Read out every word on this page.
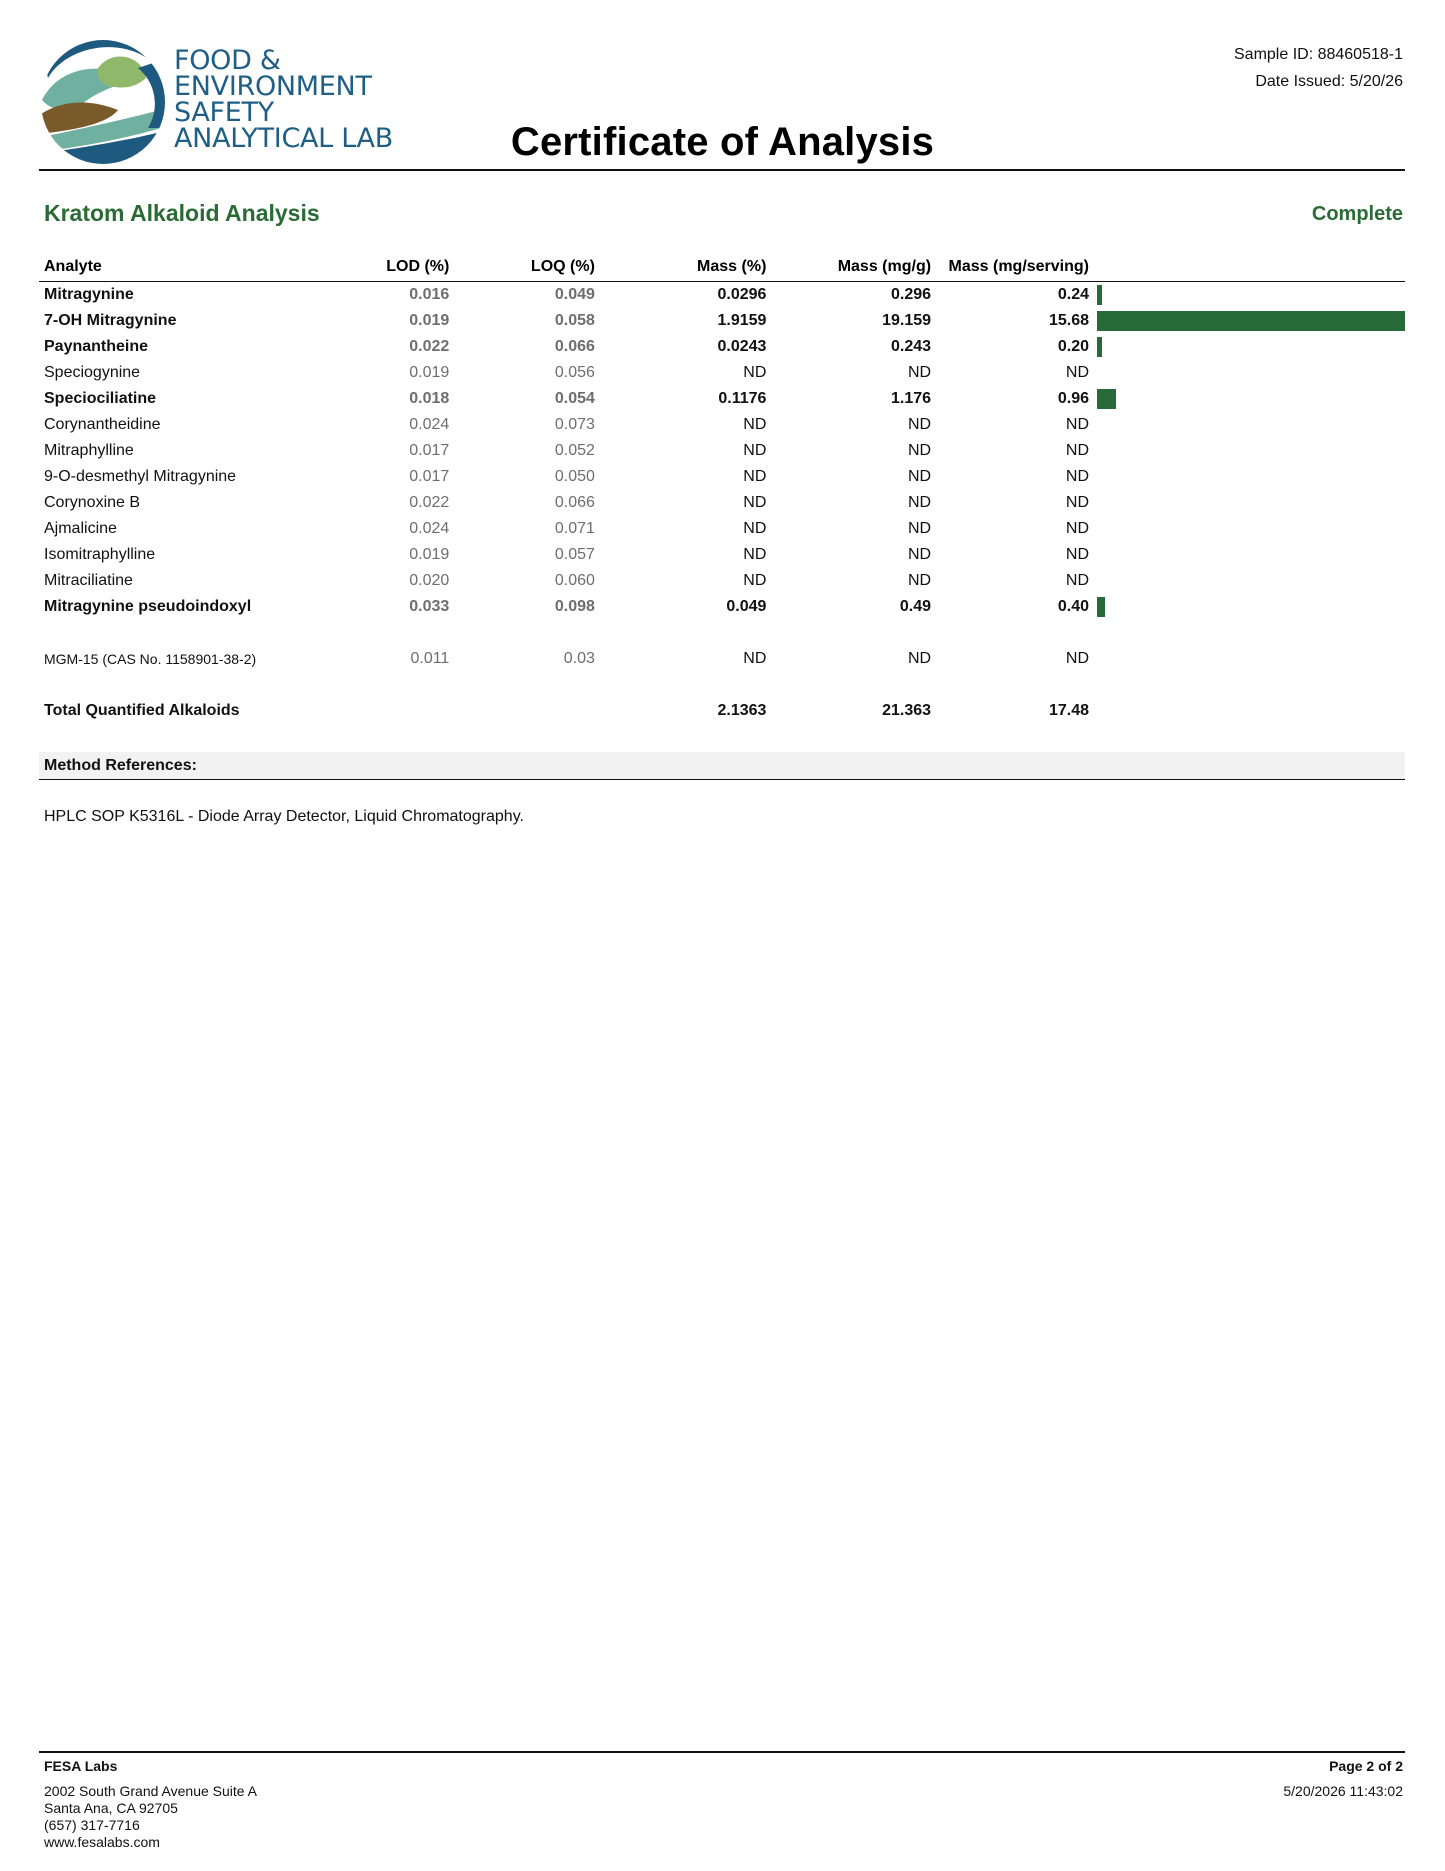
FOOD &
ENVIRONMENT
SAFETY
ANALYTICAL LAB
Sample ID: 88460518-1
Date Issued: 5/20/26
Certificate of Analysis
Kratom Alkaloid Analysis	Complete
Analyte	LOD (%)	LOQ (%)	Mass (%)	Mass (mg/g)	Mass (mg/serving)	
Mitragynine	0.016	0.049	0.0296	0.296	0.24	
7-OH Mitragynine	0.019	0.058	1.9159	19.159	15.68	
Paynantheine	0.022	0.066	0.0243	0.243	0.20	
Speciogynine	0.019	0.056	ND	ND	ND	
Speciociliatine	0.018	0.054	0.1176	1.176	0.96	
Corynantheidine	0.024	0.073	ND	ND	ND	
Mitraphylline	0.017	0.052	ND	ND	ND	
9-O-desmethyl Mitragynine	0.017	0.050	ND	ND	ND	
Corynoxine B	0.022	0.066	ND	ND	ND	
Ajmalicine	0.024	0.071	ND	ND	ND	
Isomitraphylline	0.019	0.057	ND	ND	ND	
Mitraciliatine	0.020	0.060	ND	ND	ND	
Mitragynine pseudoindoxyl	0.033	0.098	0.049	0.49	0.40	

MGM-15 (CAS No. 1158901-38-2)	0.011	0.03	ND	ND	ND	

Total Quantified Alkaloids			2.1363	21.363	17.48	
Method References:
HPLC SOP K5316L - Diode Array Detector, Liquid Chromatography.
FESA Labs
2002 South Grand Avenue Suite A
Santa Ana, CA 92705
(657) 317-7716
www.fesalabs.com
Page 2 of 2
5/20/2026 11:43:02
